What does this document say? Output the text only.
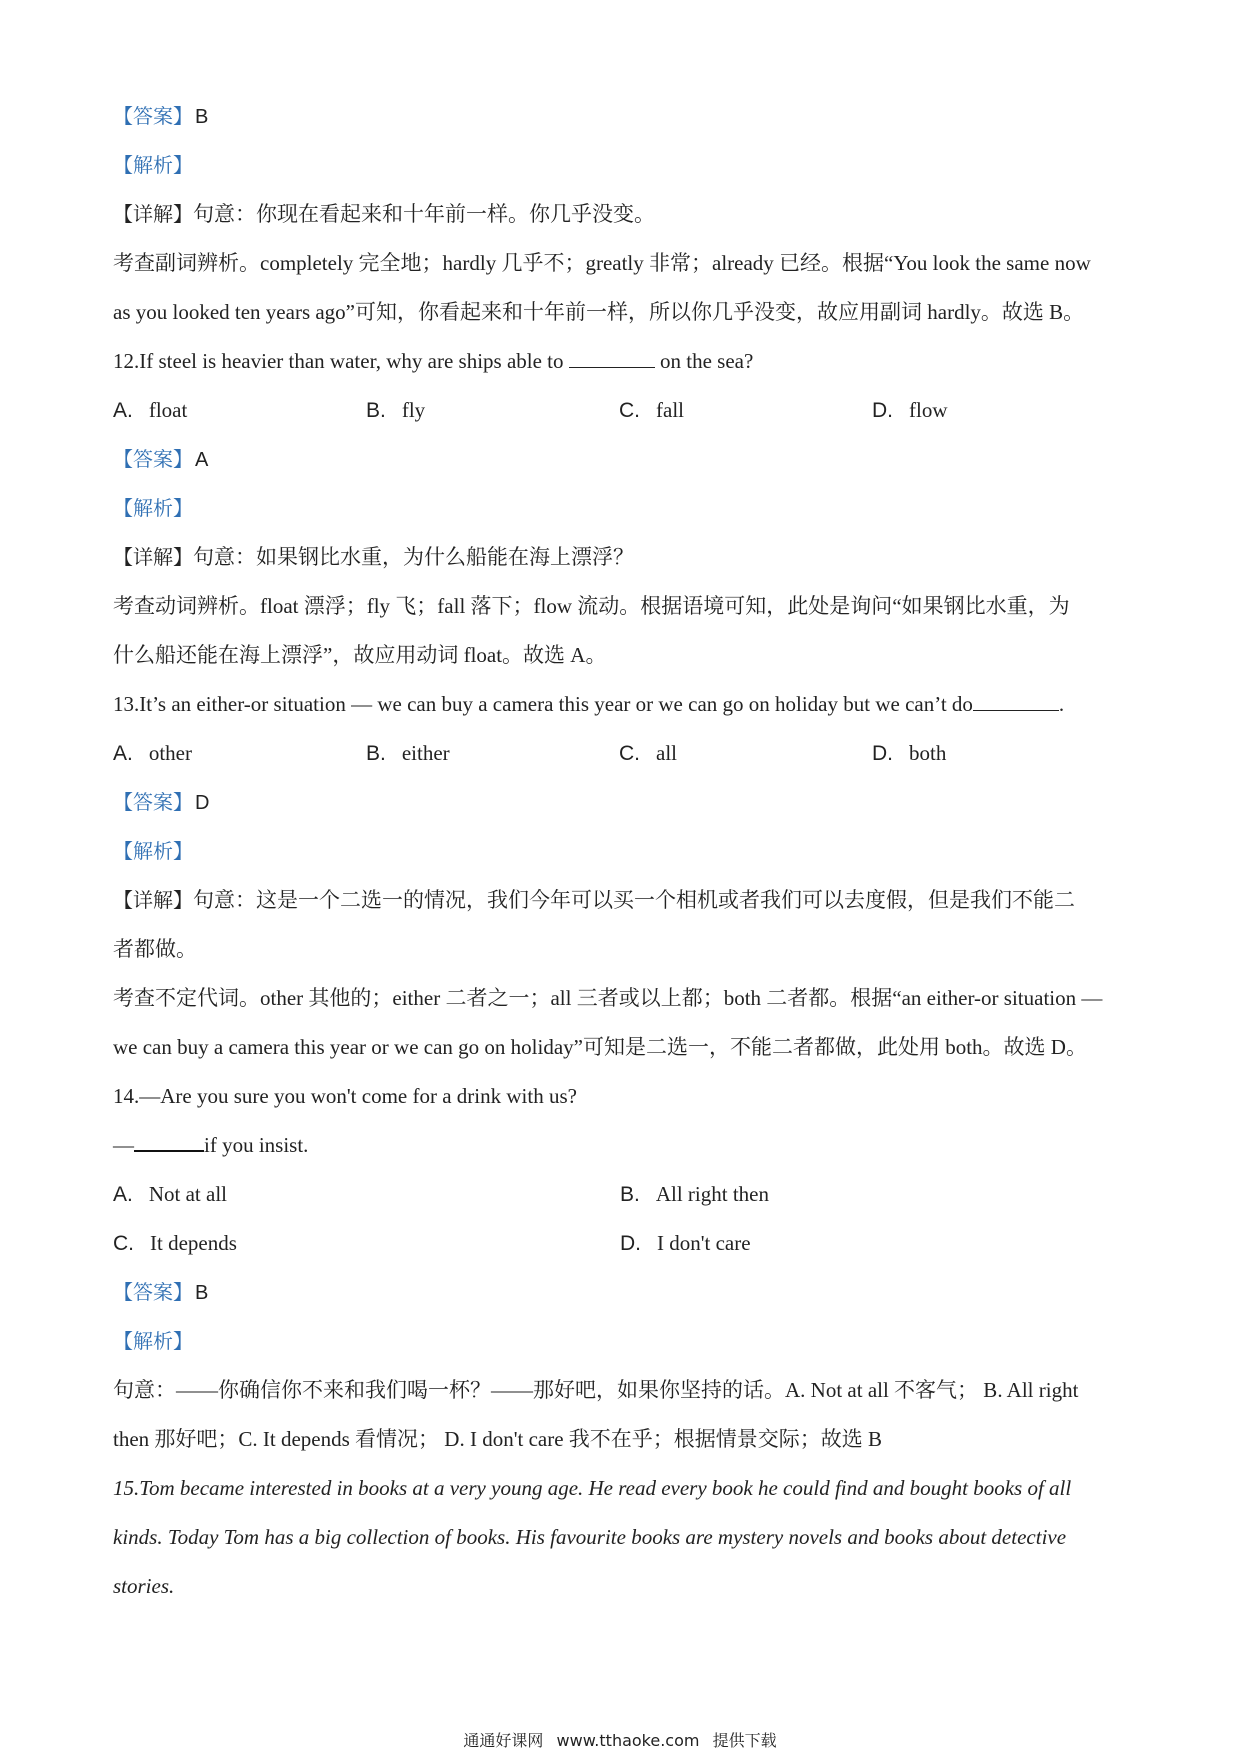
【答案】 B
【解析】
【详解】句意：你现在看起来和十年前一样。你几乎没变。
考查副词辨析。completely 完全地；hardly 几乎不；greatly 非常；already 已经。根据“You look the same now
as you looked ten years ago”可知，你看起来和十年前一样，所以你几乎没变，故应用副词 hardly。故选 B。
12.If steel is heavier than water, why are ships able to	on the sea?
A. float	B. fly	C. fall	D. flow
【答案】 A
【解析】
【详解】句意：如果钢比水重，为什么船能在海上漂浮？
考查动词辨析。float 漂浮；fly 飞；fall 落下；flow 流动。根据语境可知，此处是询问“如果钢比水重，为
什么船还能在海上漂浮”，故应用动词 float。故选 A。
13.It’s an either-or situation — we can buy a camera this year or we can go on holiday but we can’t do	.
A. other	B. either	C. all	D. both
【答案】 D
【解析】
【详解】句意：这是一个二选一的情况，我们今年可以买一个相机或者我们可以去度假，但是我们不能二
者都做。
考查不定代词。other 其他的；either 二者之一；all 三者或以上都；both 二者都。根据“an either-or situation —
we can buy a camera this year or we can go on holiday”可知是二选一，不能二者都做，此处用 both。故选 D。
14.—Are you sure you won't come for a drink with us?
—	if you insist.
A. Not at all	B. All right then
C. It depends	D. I don't care
【答案】 B
【解析】
句意：——你确信你不来和我们喝一杯？——那好吧，如果你坚持的话。A. Not at all 不客气； B. All right
then 那好吧；C. It depends 看情况； D. I don't care 我不在乎；根据情景交际；故选 B
15.Tom became interested in books at a very young age. He read every book he could find and bought books of all
kinds. Today Tom has a big collection of books. His favourite books are mystery novels and books about detective
stories.
通通好课网 www.tthaoke.com 提供下载
